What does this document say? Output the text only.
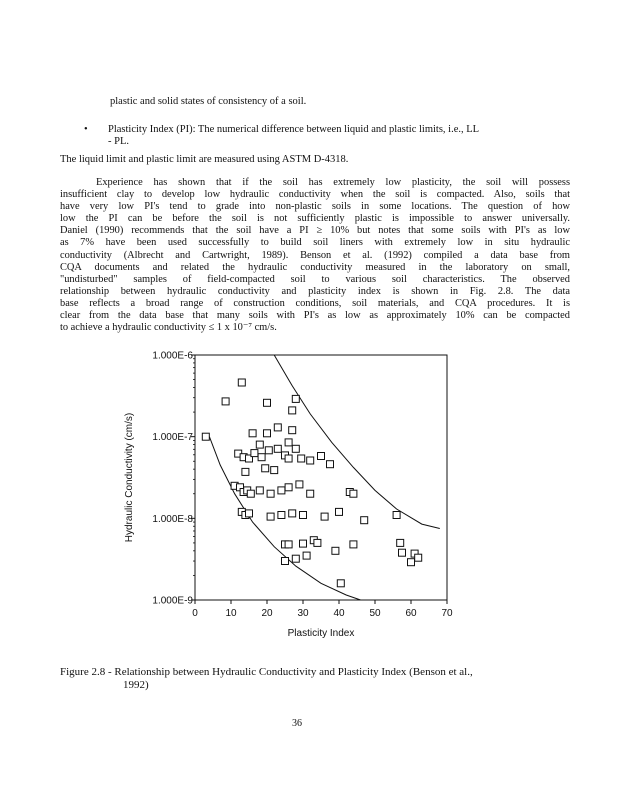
plastic and solid states of consistency of a soil.
• Plasticity Index (PI): The numerical difference between liquid and plastic limits, i.e., LL
- PL.
The liquid limit and plastic limit are measured using ASTM D-4318.
Experience has shown that if the soil has extremely low plasticity, the soil will possess
insufficient clay to develop low hydraulic conductivity when the soil is compacted. Also, soils that
have very low PI's tend to grade into non-plastic soils in some locations. The question of how
low the PI can be before the soil is not sufficiently plastic is impossible to answer universally.
Daniel (1990) recommends that the soil have a PI ≥ 10% but notes that some soils with PI's as low
as 7% have been used successfully to build soil liners with extremely low in situ hydraulic
conductivity (Albrecht and Cartwright, 1989). Benson et al. (1992) compiled a data base from
CQA documents and related the hydraulic conductivity measured in the laboratory on small,
"undisturbed" samples of field-compacted soil to various soil characteristics. The observed
relationship between hydraulic conductivity and plasticity index is shown in Fig. 2.8. The data
base reflects a broad range of construction conditions, soil materials, and CQA procedures. It is
clear from the data base that many soils with PI's as low as approximately 10% can be compacted
to achieve a hydraulic conductivity ≤ 1 x 10⁻⁷ cm/s.
1.000E-6
1.000E-7
1.000E-8
1.000E-9
0	10 20 30 40 50 60 70
Plasticity Index
Hydraulic Conductivity (cm/s)
Figure 2.8 - Relationship between Hydraulic Conductivity and Plasticity Index (Benson et al.,
1992)
36
